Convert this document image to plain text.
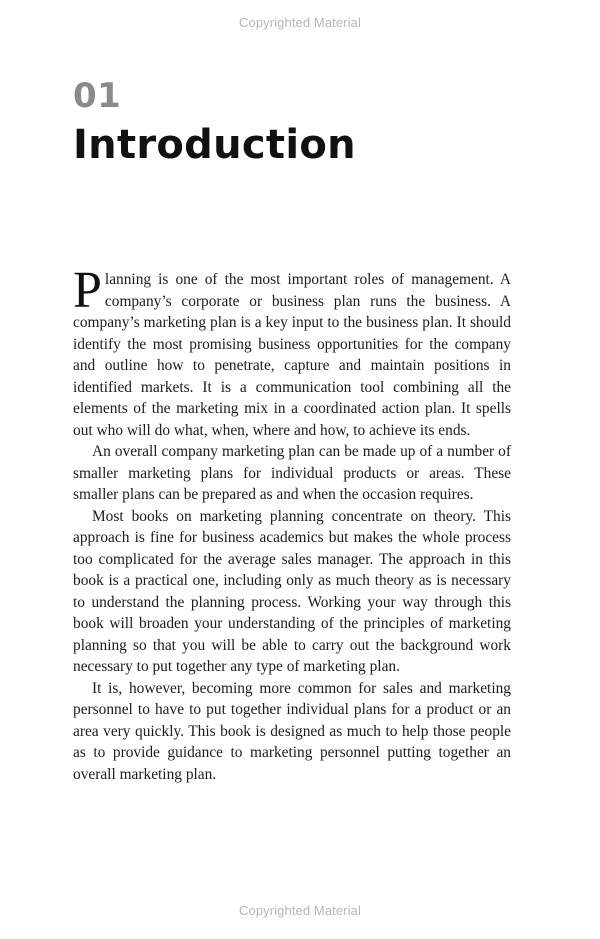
Copyrighted Material
01
Introduction

Planning is one of the most important roles of management. A company’s corporate or business plan runs the business. A company’s marketing plan is a key input to the business plan. It should identify the most promising business opportunities for the company and outline how to penetrate, capture and maintain positions in identified markets. It is a communication tool combining all the elements of the marketing mix in a coordinated action plan. It spells out who will do what, when, where and how, to achieve its ends.

An overall company marketing plan can be made up of a number of smaller marketing plans for individual products or areas. These smaller plans can be prepared as and when the occasion requires.

Most books on marketing planning concentrate on theory. This approach is fine for business academics but makes the whole process too complicated for the average sales manager. The approach in this book is a practical one, including only as much theory as is necessary to understand the planning process. Working your way through this book will broaden your understanding of the principles of marketing planning so that you will be able to carry out the background work necessary to put together any type of marketing plan.

It is, however, becoming more common for sales and marketing personnel to have to put together individual plans for a product or an area very quickly. This book is designed as much to help those people as to provide guidance to marketing personnel putting together an overall marketing plan.

Copyrighted Material
